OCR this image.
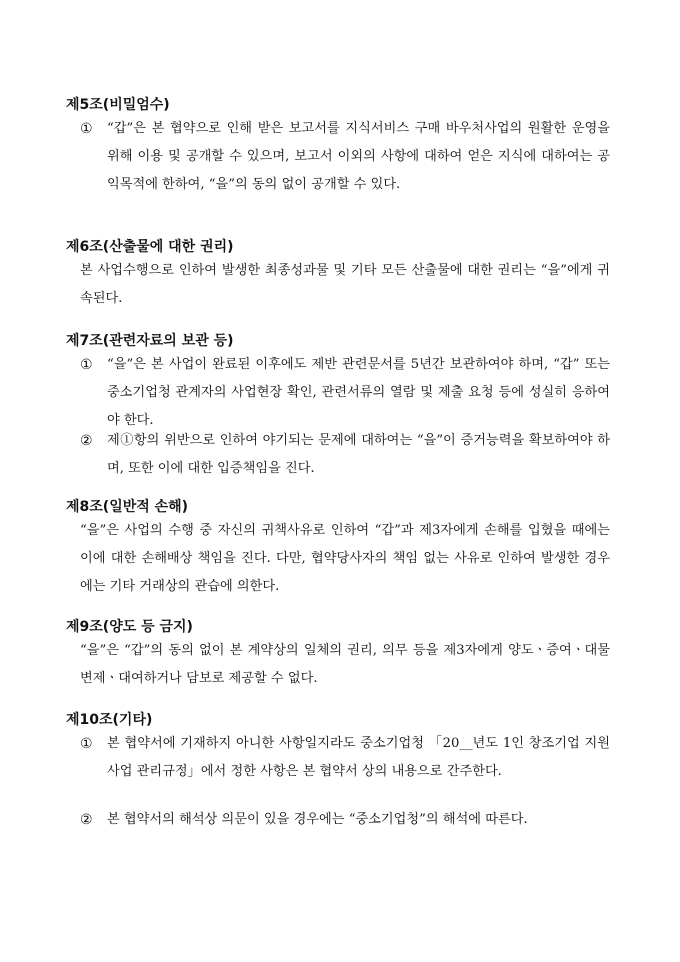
제5조(비밀엄수)
① “갑”은 본 협약으로 인해 받은 보고서를 지식서비스 구매 바우처사업의 원활한 운영을 위해 이용 및 공개할 수 있으며, 보고서 이외의 사항에 대하여 얻은 지식에 대하여는 공익목적에 한하여, “을”의 동의 없이 공개할 수 있다.

제6조(산출물에 대한 권리)

본 사업수행으로 인하여 발생한 최종성과물 및 기타 모든 산출물에 대한 권리는 “을”에게 귀속된다.

제7조(관련자료의 보관 등)
① “을”은 본 사업이 완료된 이후에도 제반 관련문서를 5년간 보관하여야 하며, “갑” 또는 중소기업청 관계자의 사업현장 확인, 관련서류의 열람 및 제출 요청 등에 성실히 응하여야 한다.

② 제①항의 위반으로 인하여 야기되는 문제에 대하여는 “을”이 증거능력을 확보하여야 하며, 또한 이에 대한 입증책임을 진다.

제8조(일반적 손해)

“을”은 사업의 수행 중 자신의 귀책사유로 인하여 “갑”과 제3자에게 손해를 입혔을 때에는 이에 대한 손해배상 책임을 진다. 다만, 협약당사자의 책임 없는 사유로 인하여 발생한 경우에는 기타 거래상의 관습에 의한다.

제9조(양도 등 금지)

“을”은 “갑”의 동의 없이 본 계약상의 일체의 권리, 의무 등을 제3자에게 양도ㆍ증여ㆍ대물변제ㆍ대여하거나 담보로 제공할 수 없다.

제10조(기타)
① 본 협약서에 기재하지 아니한 사항일지라도 중소기업청 「20__년도 1인 창조기업 지원사업 관리규정」에서 정한 사항은 본 협약서 상의 내용으로 간주한다.

② 본 협약서의 해석상 의문이 있을 경우에는 “중소기업청”의 해석에 따른다.
